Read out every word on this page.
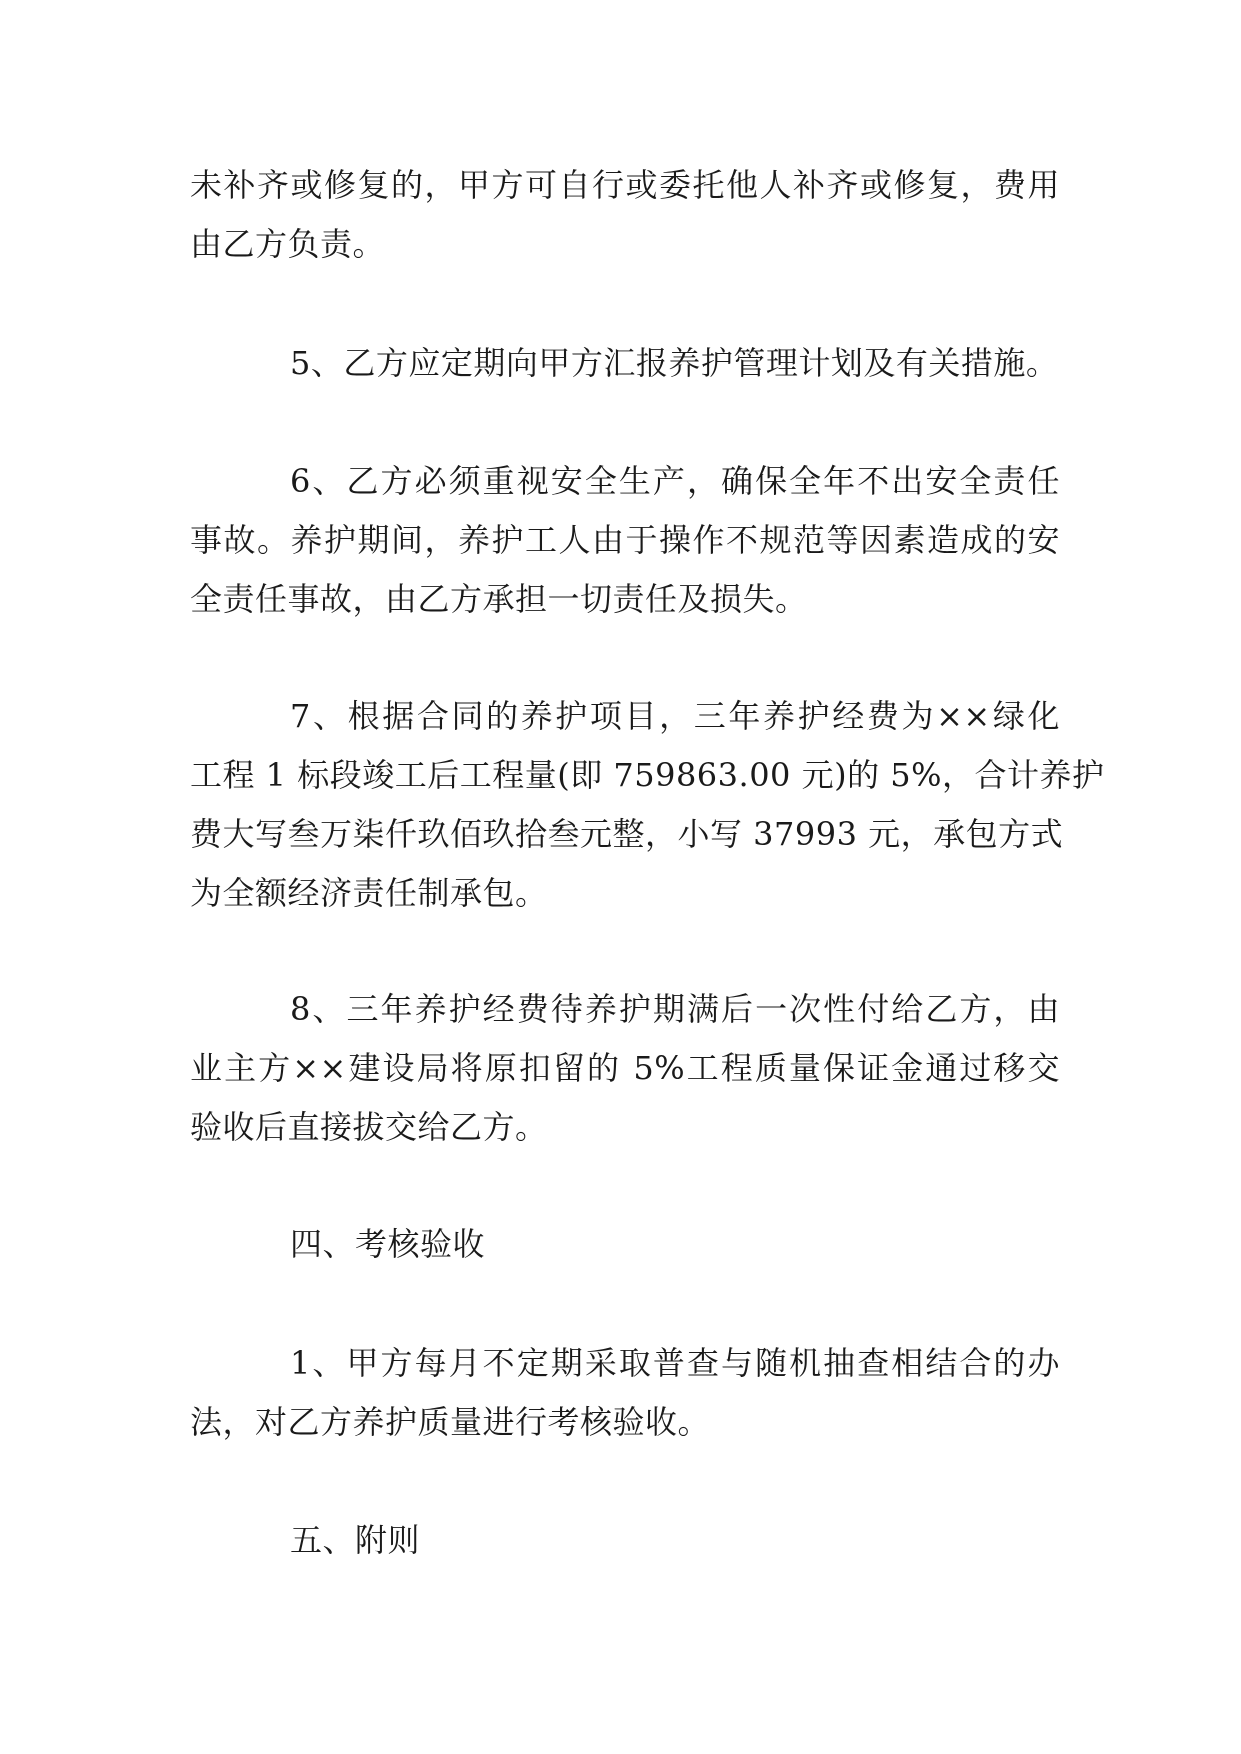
未补齐或修复的，甲方可自行或委托他人补齐或修复，费用
由乙方负责。
5、乙方应定期向甲方汇报养护管理计划及有关措施。
6、乙方必须重视安全生产，确保全年不出安全责任
事故。养护期间，养护工人由于操作不规范等因素造成的安
全责任事故，由乙方承担一切责任及损失。
7、根据合同的养护项目，三年养护经费为××绿化
工程 1 标段竣工后工程量(即 759863.00 元)的 5%，合计养护
费大写叁万柒仟玖佰玖拾叁元整，小写 37993 元，承包方式
为全额经济责任制承包。
8、三年养护经费待养护期满后一次性付给乙方，由
业主方××建设局将原扣留的 5%工程质量保证金通过移交
验收后直接拔交给乙方。
四、考核验收
1、甲方每月不定期采取普查与随机抽查相结合的办
法，对乙方养护质量进行考核验收。
五、附则
